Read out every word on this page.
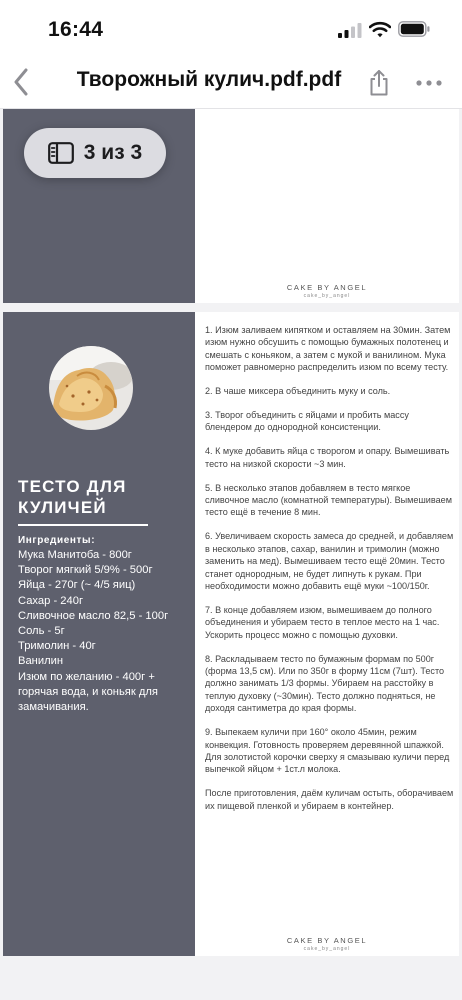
16:44
Творожный кулич.pdf.pdf
CAKE BY ANGEL
cake_by_angel
ТЕСТО ДЛЯ КУЛИЧЕЙ
Ингредиенты:
Мука Манитоба - 800г
Творог мягкий 5/9% - 500г
Яйца - 270г (~ 4/5 яиц)
Сахар - 240г
Сливочное масло 82,5 - 100г
Соль - 5г
Тримолин - 40г
Ванилин
Изюм по желанию - 400г + горячая вода, и коньяк для замачивания.

1. Изюм заливаем кипятком и оставляем на 30мин. Затем изюм нужно обсушить с помощью бумажных полотенец и смешать с коньяком, а затем с мукой и ванилином. Мука поможет равномерно распределить изюм по всему тесту.

2. В чаше миксера объединить муку и соль.

3. Творог объединить с яйцами и пробить массу блендером до однородной консистенции.

4. К муке добавить яйца с творогом и опару. Вымешивать тесто на низкой скорости ~3 мин.

5. В несколько этапов добавляем в тесто мягкое сливочное масло (комнатной температуры). Вымешиваем тесто ещё в течение 8 мин.

6. Увеличиваем скорость замеса до средней, и добавляем в несколько этапов, сахар, ванилин и тримолин (можно заменить на мед). Вымешиваем тесто ещё 20мин. Тесто станет однородным, не будет липнуть к рукам. При необходимости можно добавить ещё муки ~100/150г.

7. В конце добавляем изюм, вымешиваем до полного объединения и убираем тесто в теплое место на 1 час. Ускорить процесс можно с помощью духовки.

8. Раскладываем тесто по бумажным формам по 500г (форма 13,5 см). Или по 350г в форму 11см (7шт). Тесто должно занимать 1/3 формы. Убираем на расстойку в теплую духовку (~30мин). Тесто должно подняться, не доходя сантиметра до края формы.

9. Выпекаем куличи при 160° около 45мин, режим конвекция. Готовность проверяем деревянной шпажкой. Для золотистой корочки сверху я смазываю куличи перед выпечкой яйцом + 1ст.л молока.

После приготовления, даём куличам остыть, оборачиваем их пищевой пленкой и убираем в контейнер.

CAKE BY ANGEL
cake_by_angel
3 из 3
